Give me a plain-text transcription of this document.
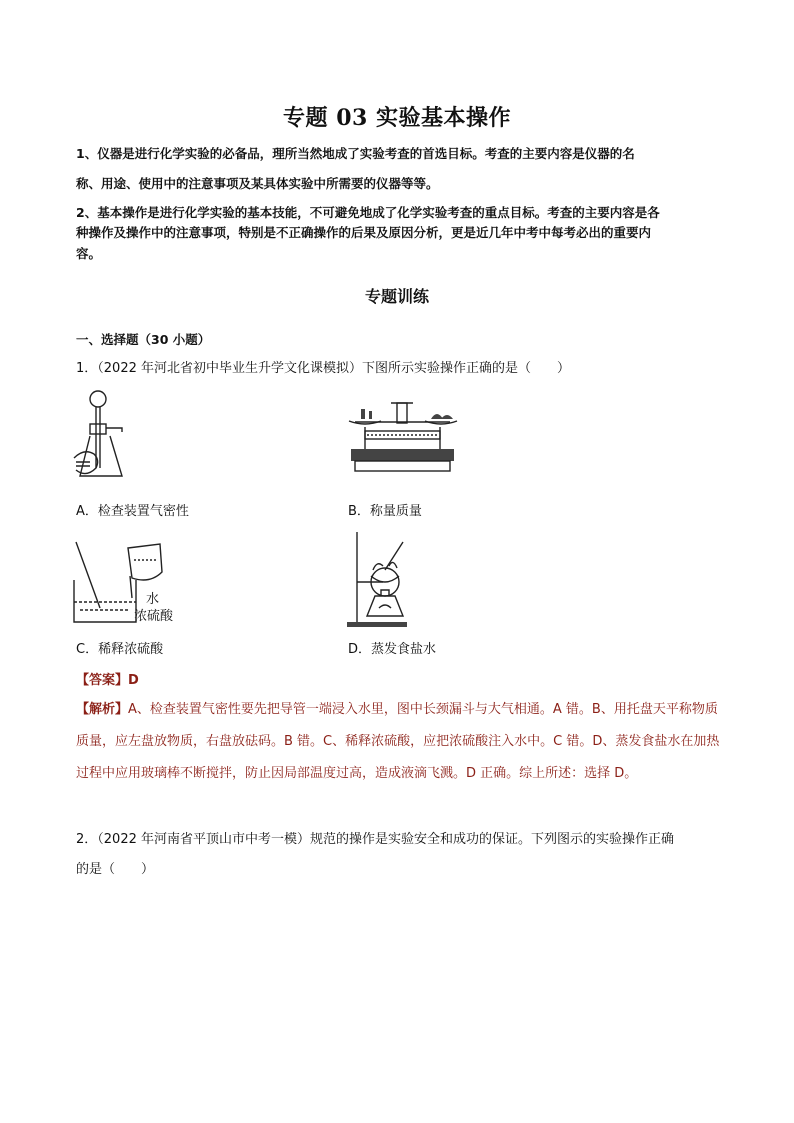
专题 03 实验基本操作
1、仪器是进行化学实验的必备品，理所当然地成了实验考查的首选目标。考查的主要内容是仪器的名
称、用途、使用中的注意事项及某具体实验中所需要的仪器等等。
2、基本操作是进行化学实验的基本技能，不可避免地成了化学实验考查的重点目标。考查的主要内容是各
种操作及操作中的注意事项，特别是不正确操作的后果及原因分析，更是近几年中考中每考必出的重要内
容。
专题训练
一、选择题（30 小题）
1．（2022 年河北省初中毕业生升学文化课模拟）下图所示实验操作正确的是（　　）
A．检查装置气密性	B．称量质量
水
浓硫酸
C．稀释浓硫酸	D．蒸发食盐水
【答案】D
【解析】A、检查装置气密性要先把导管一端浸入水里，图中长颈漏斗与大气相通。A 错。B、用托盘天平称物质质量，应左盘放物质，右盘放砝码。B 错。C、稀释浓硫酸，应把浓硫酸注入水中。C 错。D、蒸发食盐水在加热过程中应用玻璃棒不断搅拌，防止因局部温度过高，造成液滴飞溅。D 正确。综上所述：选择 D。
2．（2022 年河南省平顶山市中考一模）规范的操作是实验安全和成功的保证。下列图示的实验操作正确
的是（　　）
